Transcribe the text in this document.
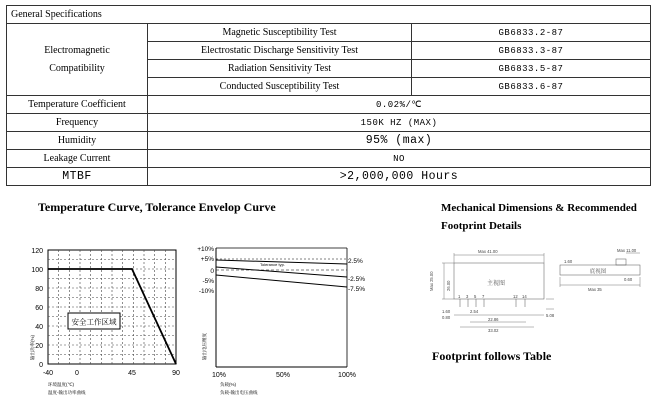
General Specifications		

Electromagnetic
Compatibility	Magnetic Susceptibility Test	GB6833.2-87
	Electrostatic Discharge Sensitivity Test	GB6833.3-87
	Radiation Sensitivity Test	GB6833.5-87
	Conducted Susceptibility Test	GB6833.6-87
Temperature Coefficient	0.02%/℃	
Frequency	150K HZ (MAX)	
Humidity	95% (max)	
Leakage Current	NO	
MTBF	>2,000,000 Hours	
Temperature Curve, Tolerance Envelop Curve
安全工作区域
120
100
80
60
40
20
0
-40	0	45	90
输出功率(%)
环境温度(℃)
温度-输出功率曲线
Tolerance typ.
+10%
+5%
0
-5%
-10%
2.5%
-2.5%
-7.5%
10%	50%	100%
输出电压精度
负载(%)
负载-输出电压曲线
Mechanical Dimensions & Recommended
Footprint Details
Max 41.00
Max 25.00	26.00
1 3 5 7	12 14
2.54
1.60
0.80	22.86
33.02
5.08
Max 11.00
1.60
Max 35
0.60
主视图
底视图
Footprint follows Table
